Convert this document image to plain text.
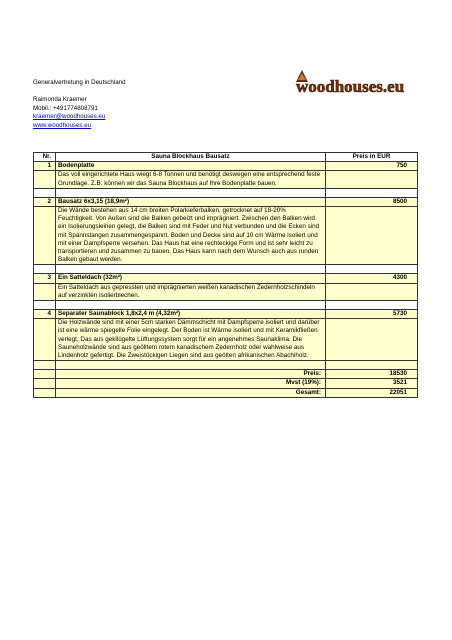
Generalvertretung in Deutschland
Raimonda Kraemer
Mobil.: +491774808791
kraemer@woodhouses.eu
www.woodhouses.eu
woodhouses.eu
Nr.	Sauna Blockhaus Bausatz	Preis in EUR
1	Bodenplatte	750
	Das voll eingerichtete Haus wiegt 6-8 Tonnen und benötigt deswegen eine entsprechend feste Grundlage. Z.B. können wir das Sauna Blockhaus auf Ihre Bodenplatte bauen.	

2	Bausatz 6x3,15 (18,9m²)	8500
	Die Wände bestehen aus 14 cm breiten Polarkieferbalken, getrocknet auf 18-20% Feuchtigkeit. Von Außen sind die Balken gebeizt und imprägniert. Zwischen den Balken wird ein Isolierungsleinen gelegt, die Balken sind mit Feder und Nut verbunden und die Ecken sind mit Spannstangen zusammengespannt. Boden und Decke sind auf 10 cm Wärme isoliert und mit einer Dampfsperre versehen. Das Haus hat eine rechteckige Form und ist sehr leicht zu transportieren und zusammen zu bauen. Das Haus kann nach dem Wunsch auch aus runden Balken gebaut werden.	

3	Ein Satteldach (32m²)	4300
	Ein Satteldach aus gepressten und imprägnierten weißen kanadischen Zedernholzschindeln auf verzinkten Isolierblechen.	

4	Separater Saunablock 1,8x2,4 m (4,32m²)	5730
	Die Holzwände sind mit einer 5cm starken Dämmschicht mit Dampfsperre isoliert und darüber ist eine wärme spiegelle Folie eingelegt. Der Boden ist Wärme isoliert und mit Keramikfließen verlegt. Das aus gekllügelte Lüftungssystem sorgt für ein angenehmes Saunaklima. Die Sauneholzwände sind aus geölltem rotem kanadischem Zedernholz oder wahlweise aus Lindenholz gefertigt. Die Zweistöckigen Liegen sind aus geölten afrikanischen Abachiholz.	

	Preis:	18530
	Mvst (19%):	3521
	Gesamt:	22051
